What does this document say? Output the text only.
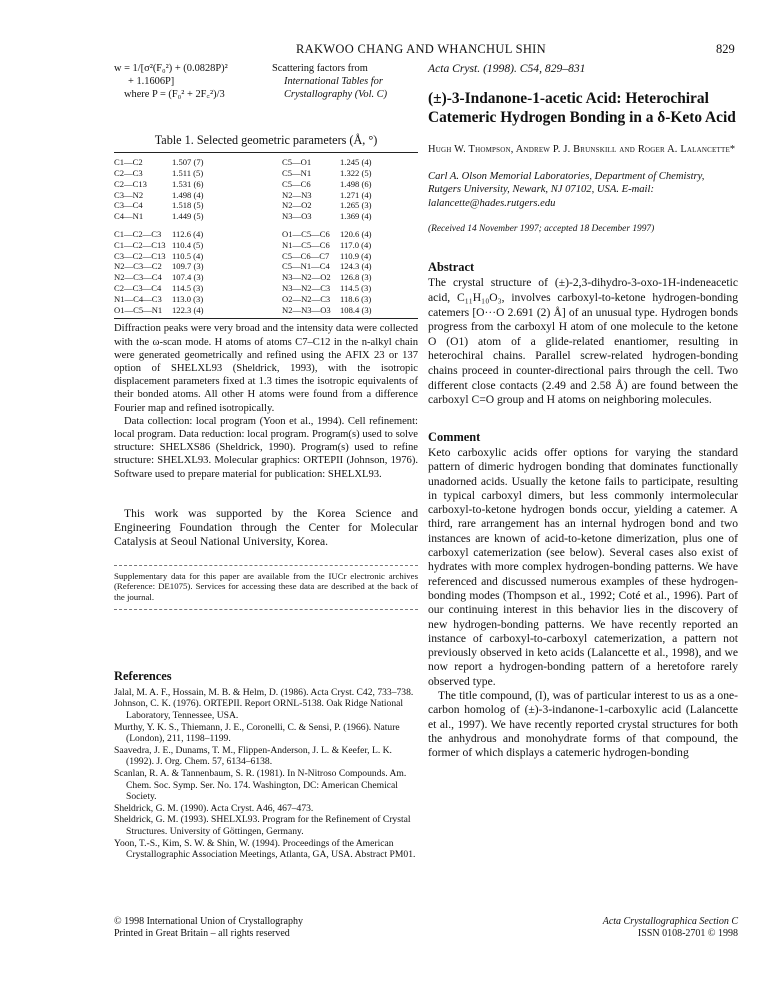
RAKWOO CHANG AND WHANCHUL SHIN	829
w = 1/[σ²(F₀²) + (0.0828P)²
+ 1.1606P]
where P = (F₀² + 2F꜀²)/3
Scattering factors from
International Tables for
Crystallography (Vol. C)
Table 1. Selected geometric parameters (Å, °)
C1—C2	1.507 (7)	C5—O1	1.245 (4)
C2—C3	1.511 (5)	C5—N1	1.322 (5)
C2—C13	1.531 (6)	C5—C6	1.498 (6)
C3—N2	1.498 (4)	N2—N3	1.271 (4)
C3—C4	1.518 (5)	N2—O2	1.265 (3)
C4—N1	1.449 (5)	N3—O3	1.369 (4)

C1—C2—C3	112.6 (4)	O1—C5—C6	120.6 (4)
C1—C2—C13	110.4 (5)	N1—C5—C6	117.0 (4)
C3—C2—C13	110.5 (4)	C5—C6—C7	110.9 (4)
N2—C3—C2	109.7 (3)	C5—N1—C4	124.3 (4)
N2—C3—C4	107.4 (3)	N3—N2—O2	126.8 (3)
C2—C3—C4	114.5 (3)	N3—N2—C3	114.5 (3)
N1—C4—C3	113.0 (3)	O2—N2—C3	118.6 (3)
O1—C5—N1	122.3 (4)	N2—N3—O3	108.4 (3)

Diffraction peaks were very broad and the intensity data were collected with the ω-scan mode. H atoms of atoms C7–C12 in the n-alkyl chain were generated geometrically and refined using the AFIX 23 or 137 option of SHELXL93 (Sheldrick, 1993), with the isotropic displacement parameters fixed at 1.3 times the isotropic equivalents of their bonded atoms. All other H atoms were found from a difference Fourier map and refined isotropically.

Data collection: local program (Yoon et al., 1994). Cell refinement: local program. Data reduction: local program. Program(s) used to solve structure: SHELXS86 (Sheldrick, 1990). Program(s) used to refine structure: SHELXL93. Molecular graphics: ORTEPII (Johnson, 1976). Software used to prepare material for publication: SHELXL93.

This work was supported by the Korea Science and Engineering Foundation through the Center for Molecular Catalysis at Seoul National University, Korea.

Supplementary data for this paper are available from the IUCr electronic archives (Reference: DE1075). Services for accessing these data are described at the back of the journal.
References

Jalal, M. A. F., Hossain, M. B. & Helm, D. (1986). Acta Cryst. C42, 733–738.

Johnson, C. K. (1976). ORTEPII. Report ORNL-5138. Oak Ridge National Laboratory, Tennessee, USA.

Murthy, Y. K. S., Thiemann, J. E., Coronelli, C. & Sensi, P. (1966). Nature (London), 211, 1198–1199.

Saavedra, J. E., Dunams, T. M., Flippen-Anderson, J. L. & Keefer, L. K. (1992). J. Org. Chem. 57, 6134–6138.

Scanlan, R. A. & Tannenbaum, S. R. (1981). In N-Nitroso Compounds. Am. Chem. Soc. Symp. Ser. No. 174. Washington, DC: American Chemical Society.

Sheldrick, G. M. (1990). Acta Cryst. A46, 467–473.

Sheldrick, G. M. (1993). SHELXL93. Program for the Refinement of Crystal Structures. University of Göttingen, Germany.

Yoon, T.-S., Kim, S. W. & Shin, W. (1994). Proceedings of the American Crystallographic Association Meetings, Atlanta, GA, USA. Abstract PM01.

Acta Cryst. (1998). C54, 829–831
(±)-3-Indanone-1-acetic Acid: Heterochiral Catemeric Hydrogen Bonding in a δ-Keto Acid
Hugh W. Thompson, Andrew P. J. Brunskill and Roger A. Lalancette*
Carl A. Olson Memorial Laboratories, Department of Chemistry, Rutgers University, Newark, NJ 07102, USA. E-mail: lalancette@hades.rutgers.edu
(Received 14 November 1997; accepted 18 December 1997)
Abstract
The crystal structure of (±)-2,3-dihydro-3-oxo-1H-indeneacetic acid, C₁₁H₁₀O₃, involves carboxyl-to-ketone hydrogen-bonding catemers [O···O 2.691 (2) Å] of an unusual type. Hydrogen bonds progress from the carboxyl H atom of one molecule to the ketone O (O1) atom of a glide-related enantiomer, resulting in heterochiral chains. Parallel screw-related hydrogen-bonding chains proceed in counter-directional pairs through the cell. Two different close contacts (2.49 and 2.58 Å) are found between the carboxyl C=O group and H atoms on neighboring molecules.
Comment
Keto carboxylic acids offer options for varying the standard pattern of dimeric hydrogen bonding that dominates functionally unadorned acids. Usually the ketone fails to participate, resulting in typical carboxyl dimers, but less commonly intermolecular carboxyl-to-ketone hydrogen bonds occur, yielding a catemer. A third, rare arrangement has an internal hydrogen bond and two instances are known of acid-to-ketone dimerization, plus one of carboxyl catemerization (see below). Several cases also exist of hydrates with more complex hydrogen-bonding patterns. We have referenced and discussed numerous examples of these hydrogen-bonding modes (Thompson et al., 1992; Coté et al., 1996). Part of our continuing interest in this behavior lies in the discovery of new hydrogen-bonding patterns. We have recently reported an instance of carboxyl-to-carboxyl catemerization, a pattern not previously observed in keto acids (Lalancette et al., 1998), and we now report a hydrogen-bonding pattern of a heretofore rarely observed type.
The title compound, (I), was of particular interest to us as a one-carbon homolog of (±)-3-indanone-1-carboxylic acid (Lalancette et al., 1997). We have recently reported crystal structures for both the anhydrous and monohydrate forms of that compound, the former of which displays a catemeric hydrogen-bonding
© 1998 International Union of Crystallography
Printed in Great Britain – all rights reserved
Acta Crystallographica Section C
ISSN 0108-2701 © 1998
